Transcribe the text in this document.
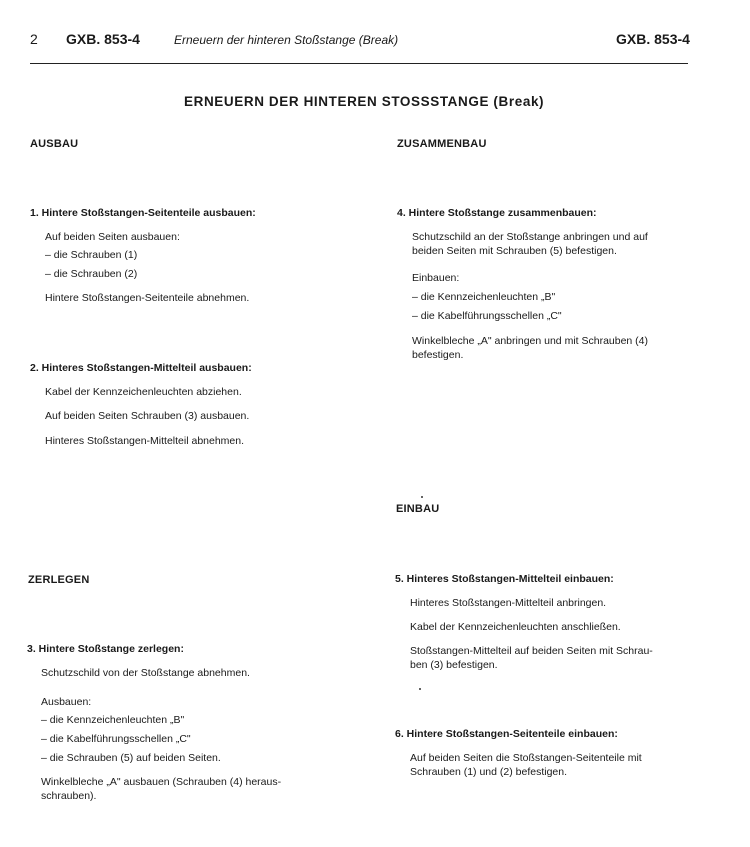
2 GXB. 853-4	Erneuern der hinteren Stoßstange (Break)	GXB. 853-4
ERNEUERN DER HINTEREN STOSSSTANGE (Break)
AUSBAU
1. Hintere Stoßstangen-Seitenteile ausbauen:
Auf beiden Seiten ausbauen:
– die Schrauben (1)
– die Schrauben (2)
Hintere Stoßstangen-Seitenteile abnehmen.
2. Hinteres Stoßstangen-Mittelteil ausbauen:
Kabel der Kennzeichenleuchten abziehen.
Auf beiden Seiten Schrauben (3) ausbauen.
Hinteres Stoßstangen-Mittelteil abnehmen.
ZERLEGEN
3. Hintere Stoßstange zerlegen:
Schutzschild von der Stoßstange abnehmen.
Ausbauen:
– die Kennzeichenleuchten „B"
– die Kabelführungsschellen „C"
– die Schrauben (5) auf beiden Seiten.
Winkelbleche „A" ausbauen (Schrauben (4) heraus-
schrauben).
ZUSAMMENBAU
4. Hintere Stoßstange zusammenbauen:
Schutzschild an der Stoßstange anbringen und auf
beiden Seiten mit Schrauben (5) befestigen.
Einbauen:
– die Kennzeichenleuchten „B"
– die Kabelführungsschellen „C"
Winkelbleche „A" anbringen und mit Schrauben (4)
befestigen.
EINBAU
5. Hinteres Stoßstangen-Mittelteil einbauen:
Hinteres Stoßstangen-Mittelteil anbringen.
Kabel der Kennzeichenleuchten anschließen.
Stoßstangen-Mittelteil auf beiden Seiten mit Schrau-
ben (3) befestigen.
6. Hintere Stoßstangen-Seitenteile einbauen:
Auf beiden Seiten die Stoßstangen-Seitenteile mit
Schrauben (1) und (2) befestigen.
